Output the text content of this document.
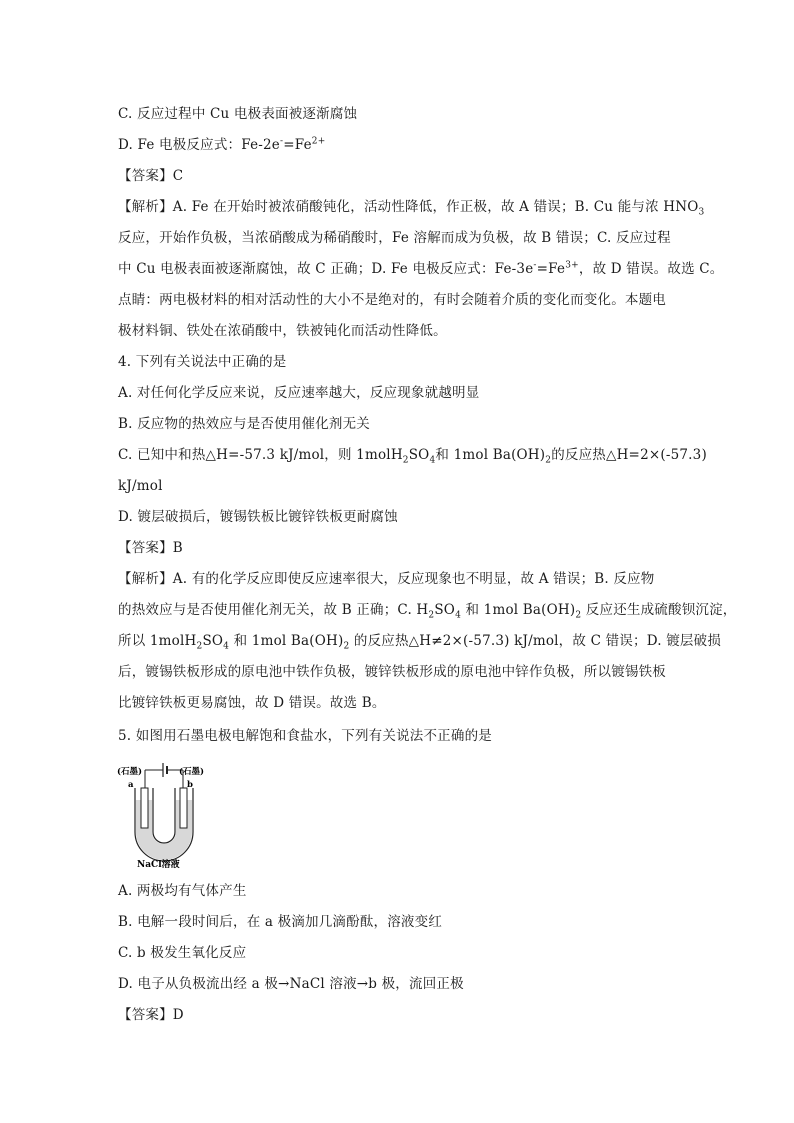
C. 反应过程中 Cu 电极表面被逐渐腐蚀
D. Fe 电极反应式：$Fe-2e^-=Fe^{2+}$
【答案】C
【解析】A. Fe 在开始时被浓硝酸钝化，活动性降低，作正极，故 A 错误；B. Cu 能与浓 $HNO_3$
反应，开始作负极，当浓硝酸成为稀硝酸时，Fe 溶解而成为负极，故 B 错误；C. 反应过程
中 Cu 电极表面被逐渐腐蚀，故 C 正确；D. Fe 电极反应式：$Fe-3e^-=Fe^{3+}$，故 D 错误。故选 C。
点睛：两电极材料的相对活动性的大小不是绝对的，有时会随着介质的变化而变化。本题电
极材料铜、铁处在浓硝酸中，铁被钝化而活动性降低。
4. 下列有关说法中正确的是
A. 对任何化学反应来说，反应速率越大，反应现象就越明显
B. 反应物的热效应与是否使用催化剂无关
C. 已知中和热△H=-57.3 kJ/mol，则 $1molH_2SO_4$和 1mol $Ba(OH)_2$的反应热△H=2×(-57.3)
kJ/mol
D. 镀层破损后，镀锡铁板比镀锌铁板更耐腐蚀
【答案】B
【解析】A. 有的化学反应即使反应速率很大，反应现象也不明显，故 A 错误；B. 反应物
的热效应与是否使用催化剂无关，故 B 正确；C. $H_2SO_4$ 和 1mol $Ba(OH)_2$ 反应还生成硫酸钡沉淀，
所以 $1molH_2SO_4$ 和 1mol $Ba(OH)_2$ 的反应热△H≠2×(-57.3) kJ/mol，故 C 错误；D. 镀层破损
后，镀锡铁板形成的原电池中铁作负极，镀锌铁板形成的原电池中锌作负极，所以镀锡铁板
比镀锌铁板更易腐蚀，故 D 错误。故选 B。
5. 如图用石墨电极电解饱和食盐水，下列有关说法不正确的是
(石墨)	(石墨)
a	b
NaCl溶液
A. 两极均有气体产生
B. 电解一段时间后，在 a 极滴加几滴酚酞，溶液变红
C. b 极发生氧化反应
D. 电子从负极流出经 a 极→NaCl 溶液→b 极，流回正极
【答案】D
